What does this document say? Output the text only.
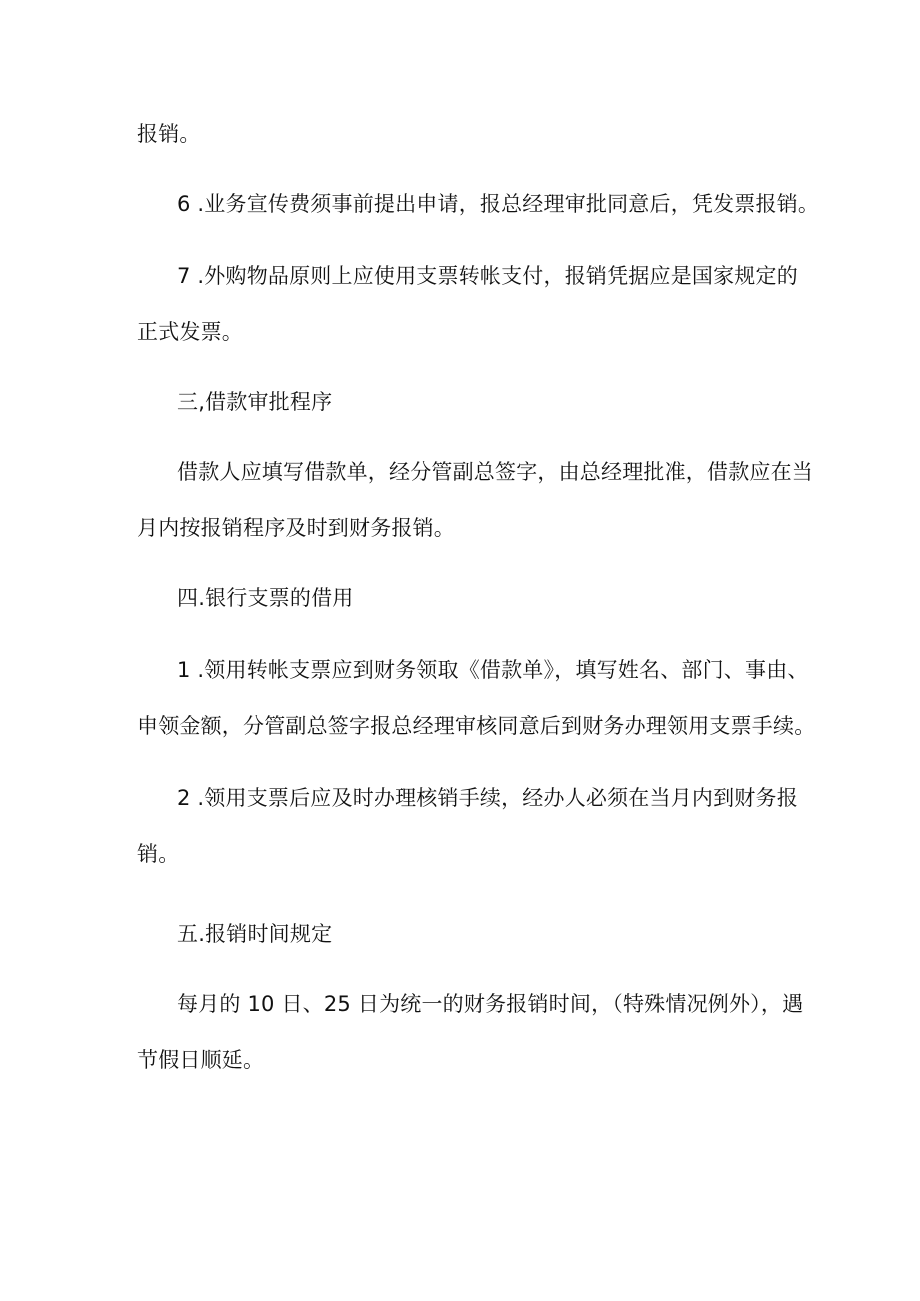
报销。
6 .业务宣传费须事前提出申请，报总经理审批同意后，凭发票报销。
7 .外购物品原则上应使用支票转帐支付，报销凭据应是国家规定的
正式发票。
三,借款审批程序
借款人应填写借款单，经分管副总签字，由总经理批准，借款应在当
月内按报销程序及时到财务报销。
四.银行支票的借用
1 .领用转帐支票应到财务领取《借款单》，填写姓名、部门、事由、
申领金额，分管副总签字报总经理审核同意后到财务办理领用支票手续。
2 .领用支票后应及时办理核销手续，经办人必须在当月内到财务报
销。
五.报销时间规定
每月的 10 日、25 日为统一的财务报销时间，（特殊情况例外），遇
节假日顺延。
